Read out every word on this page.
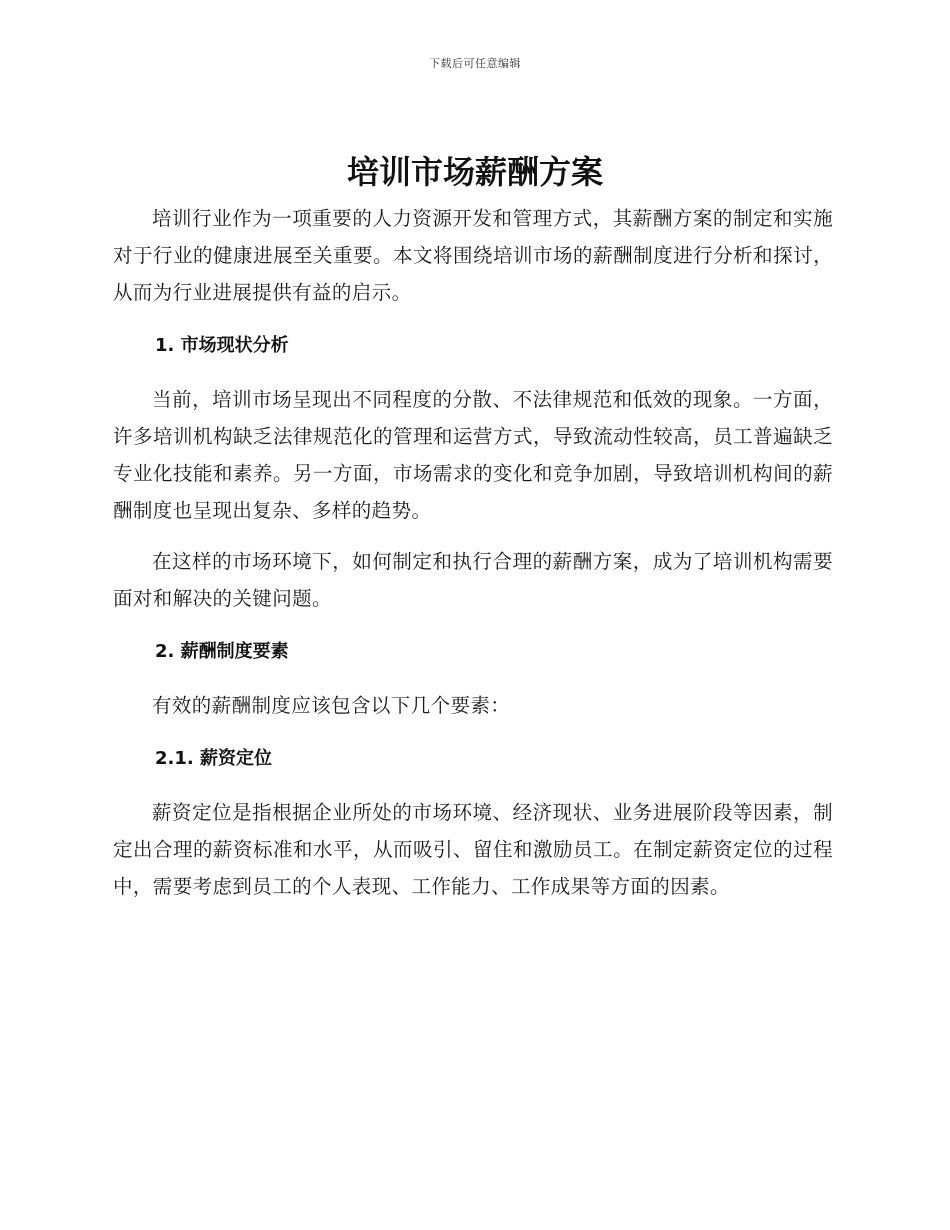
下载后可任意编辑
培训市场薪酬方案

培训行业作为一项重要的人力资源开发和管理方式，其薪酬方案的制定和实施对于行业的健康进展至关重要。本文将围绕培训市场的薪酬制度进行分析和探讨，从而为行业进展提供有益的启示。

1. 市场现状分析

当前，培训市场呈现出不同程度的分散、不法律规范和低效的现象。一方面，许多培训机构缺乏法律规范化的管理和运营方式，导致流动性较高，员工普遍缺乏专业化技能和素养。另一方面，市场需求的变化和竞争加剧，导致培训机构间的薪酬制度也呈现出复杂、多样的趋势。

在这样的市场环境下，如何制定和执行合理的薪酬方案，成为了培训机构需要面对和解决的关键问题。

2. 薪酬制度要素

有效的薪酬制度应该包含以下几个要素：

2.1. 薪资定位

薪资定位是指根据企业所处的市场环境、经济现状、业务进展阶段等因素，制定出合理的薪资标准和水平，从而吸引、留住和激励员工。在制定薪资定位的过程中，需要考虑到员工的个人表现、工作能力、工作成果等方面的因素。
